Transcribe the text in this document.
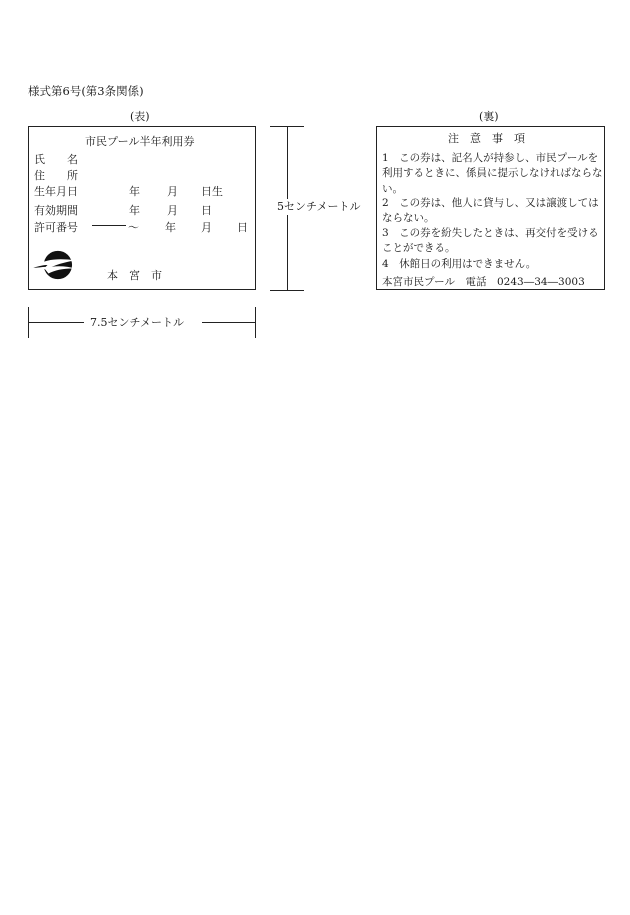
様式第6号(第3条関係)
(表)
市民プール半年利用券
氏　　名
住　　所
生年月日	年 月 日生
有効期間	年 月 日
許可番号	～ 年 月 日
本　宮　市
5センチメートル
(裏)
注　意　事　項
1　この券は、記名人が持参し、市民プールを利用するときに、係員に提示しなければならない。
2　この券は、他人に貸与し、又は譲渡してはならない。
3　この券を紛失したときは、再交付を受けることができる。
4　休館日の利用はできません。
本宮市民プール　電話　0243―34―3003
7.5センチメートル
